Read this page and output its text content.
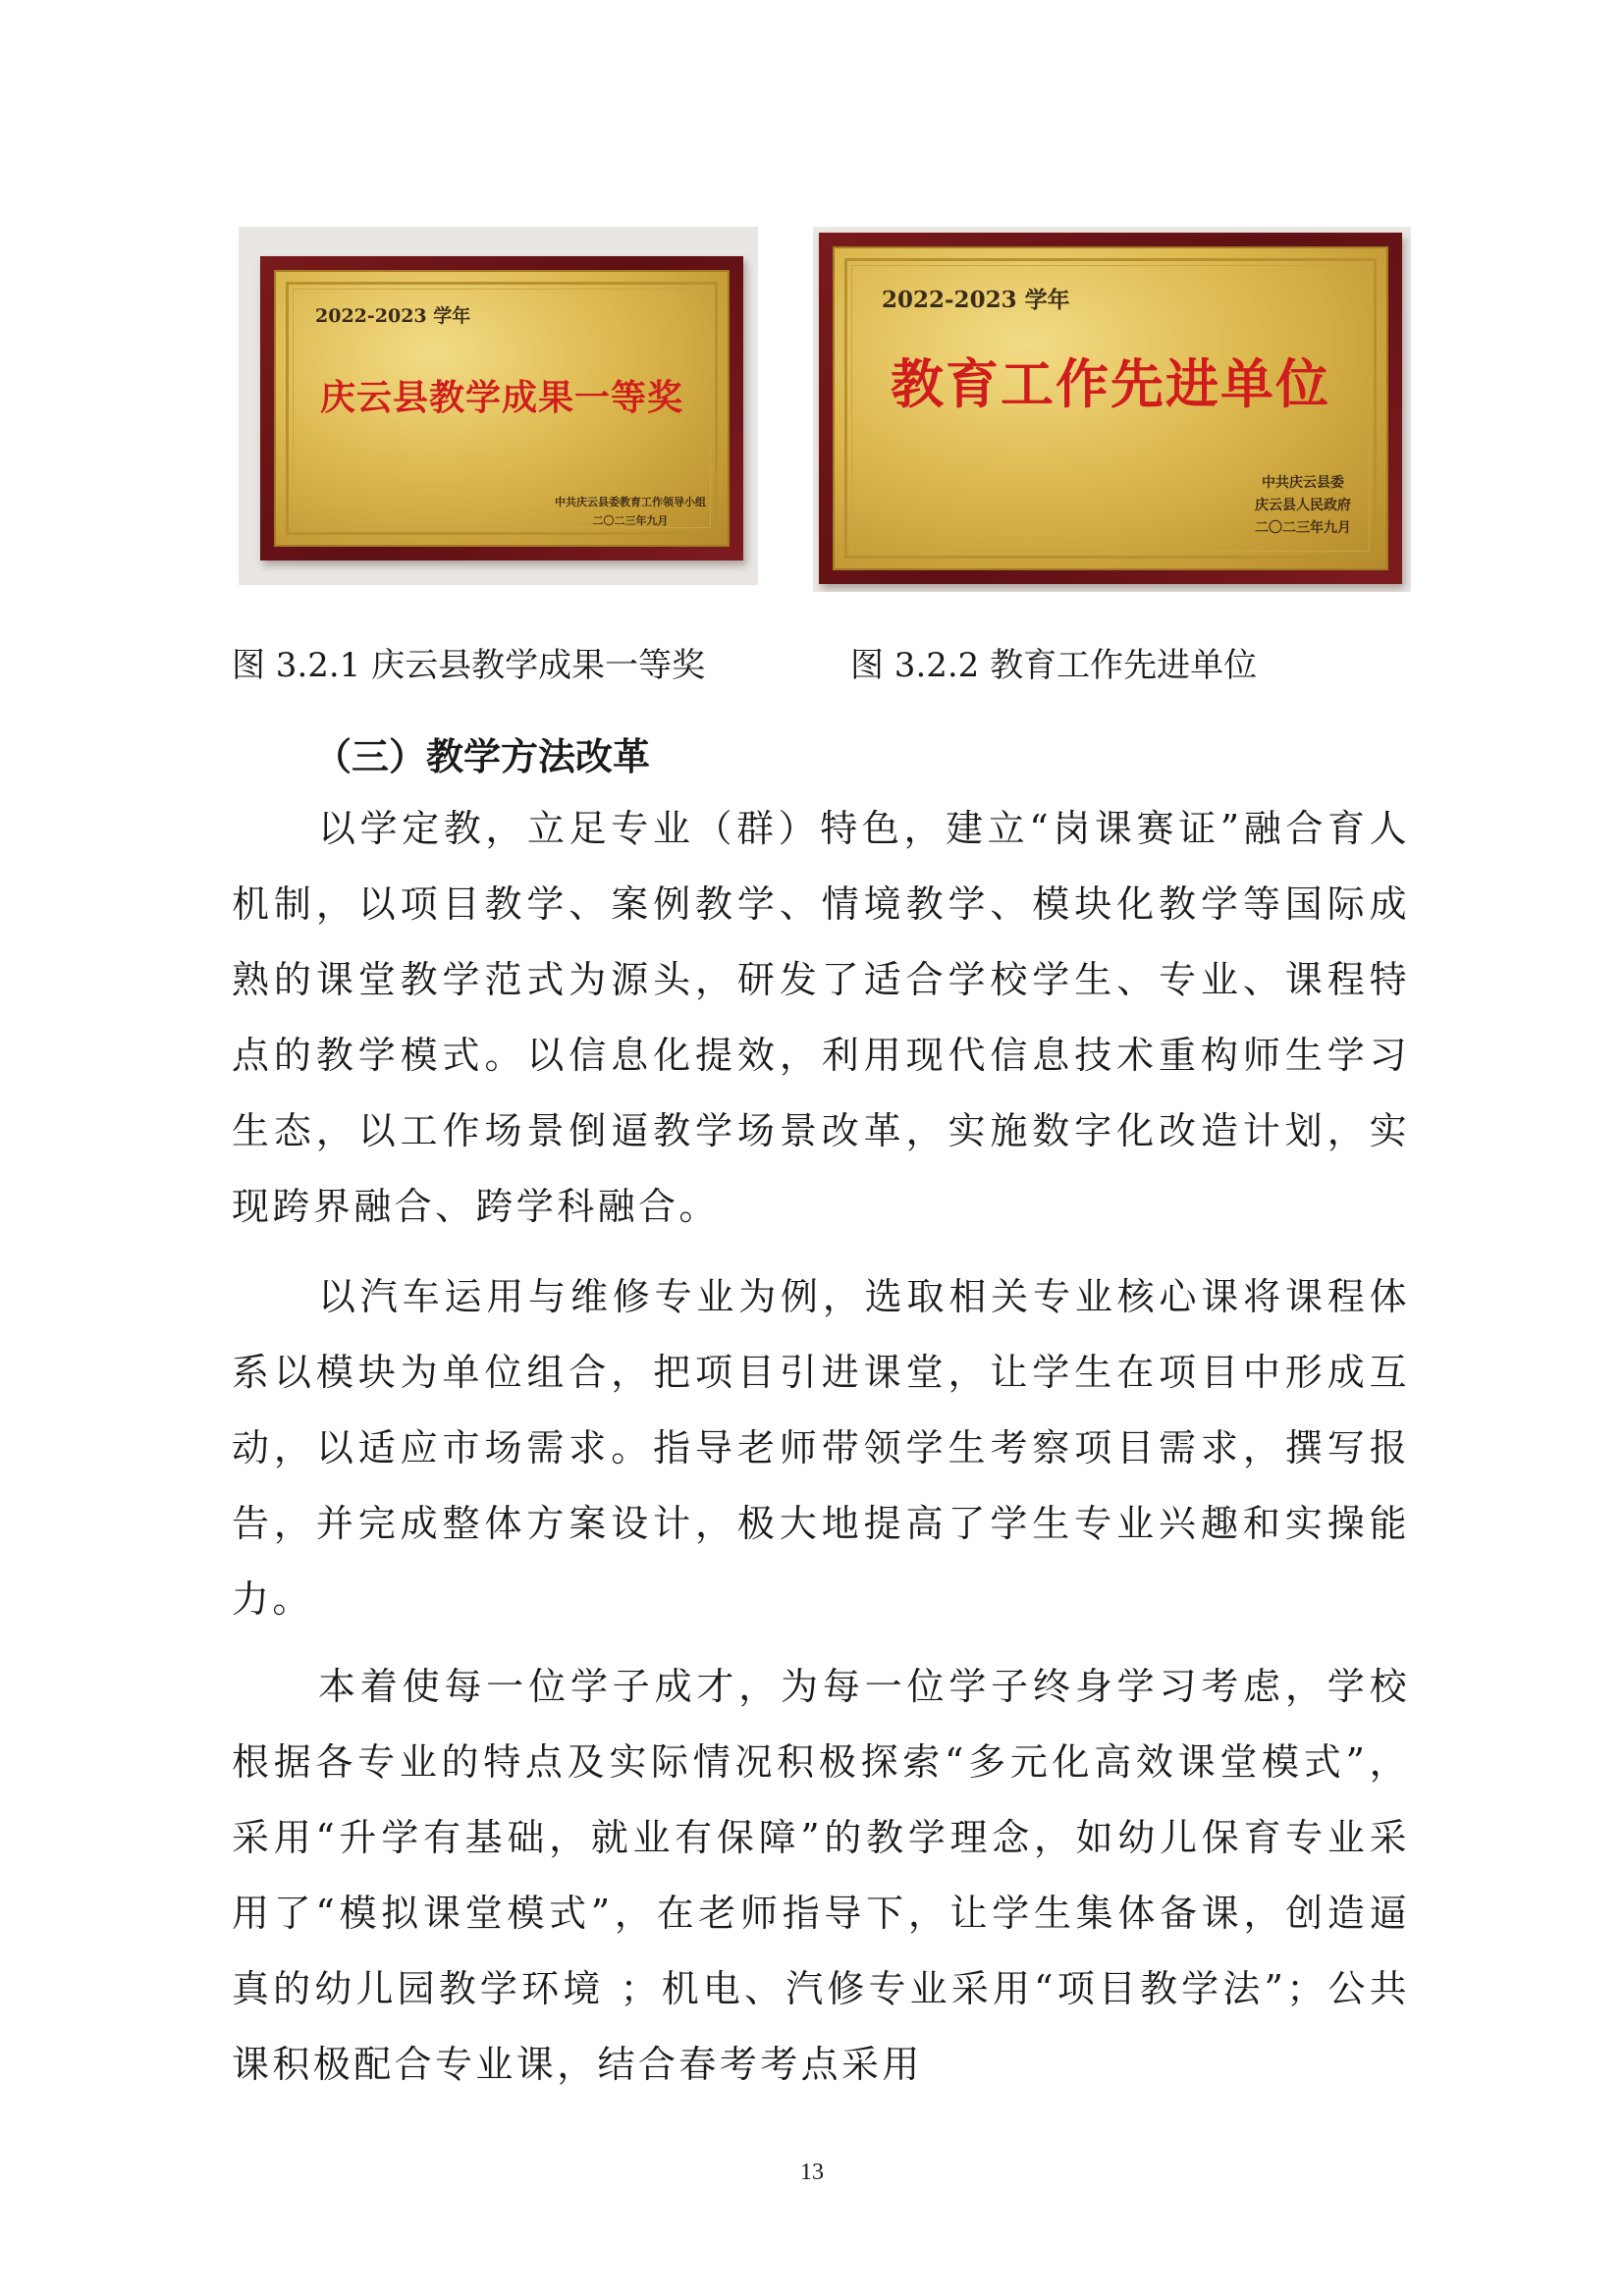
2022-2023 学年
庆云县教学成果一等奖
中共庆云县委教育工作领导小组
二〇二三年九月
2022-2023 学年
教育工作先进单位
中共庆云县委
庆云县人民政府
二〇二三年九月
图 3.2.1 庆云县教学成果一等奖	图 3.2.2 教育工作先进单位
（三）教学方法改革

以学定教，立足专业（群）特色，建立“岗课赛证”融合育人机制，以项目教学、案例教学、情境教学、模块化教学等国际成熟的课堂教学范式为源头，研发了适合学校学生、专业、课程特点的教学模式。以信息化提效，利用现代信息技术重构师生学习生态，以工作场景倒逼教学场景改革，实施数字化改造计划，实现跨界融合、跨学科融合。

以汽车运用与维修专业为例，选取相关专业核心课将课程体系以模块为单位组合，把项目引进课堂，让学生在项目中形成互动，以适应市场需求。指导老师带领学生考察项目需求，撰写报告，并完成整体方案设计，极大地提高了学生专业兴趣和实操能力。

本着使每一位学子成才，为每一位学子终身学习考虑，学校根据各专业的特点及实际情况积极探索“多元化高效课堂模式”，采用“升学有基础，就业有保障”的教学理念，如幼儿保育专业采用了“模拟课堂模式”，在老师指导下，让学生集体备课，创造逼真的幼儿园教学环境 ；机电、汽修专业采用“项目教学法”；公共课积极配合专业课，结合春考考点采用

13
